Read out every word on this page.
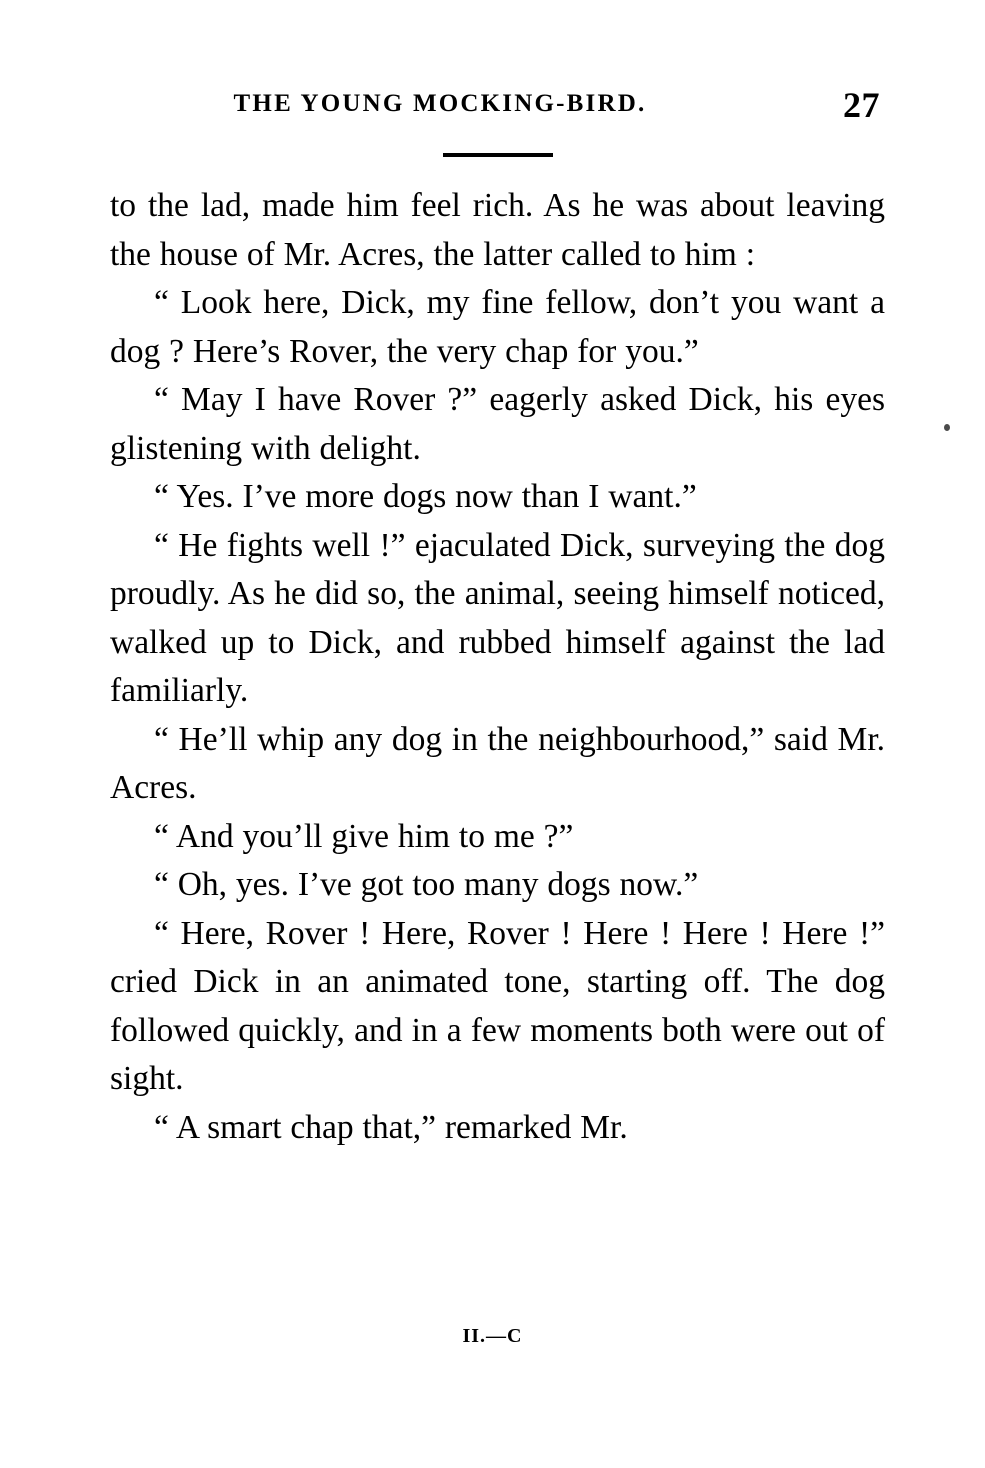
THE YOUNG MOCKING-BIRD.	27

to the lad, made him feel rich. As he was about leaving the house of Mr. Acres, the latter called to him :

“ Look here, Dick, my fine fellow, don’t you want a dog ? Here’s Rover, the very chap for you.”

“ May I have Rover ?” eagerly asked Dick, his eyes glistening with delight.

“ Yes. I’ve more dogs now than I want.”

“ He fights well !” ejaculated Dick, surveying the dog proudly. As he did so, the animal, seeing himself noticed, walked up to Dick, and rubbed himself against the lad familiarly.

“ He’ll whip any dog in the neighbourhood,” said Mr. Acres.

“ And you’ll give him to me ?”

“ Oh, yes. I’ve got too many dogs now.”

“ Here, Rover ! Here, Rover ! Here ! Here ! Here !” cried Dick in an animated tone, starting off. The dog followed quickly, and in a few moments both were out of sight.

“ A smart chap that,” remarked Mr.

II.—C
